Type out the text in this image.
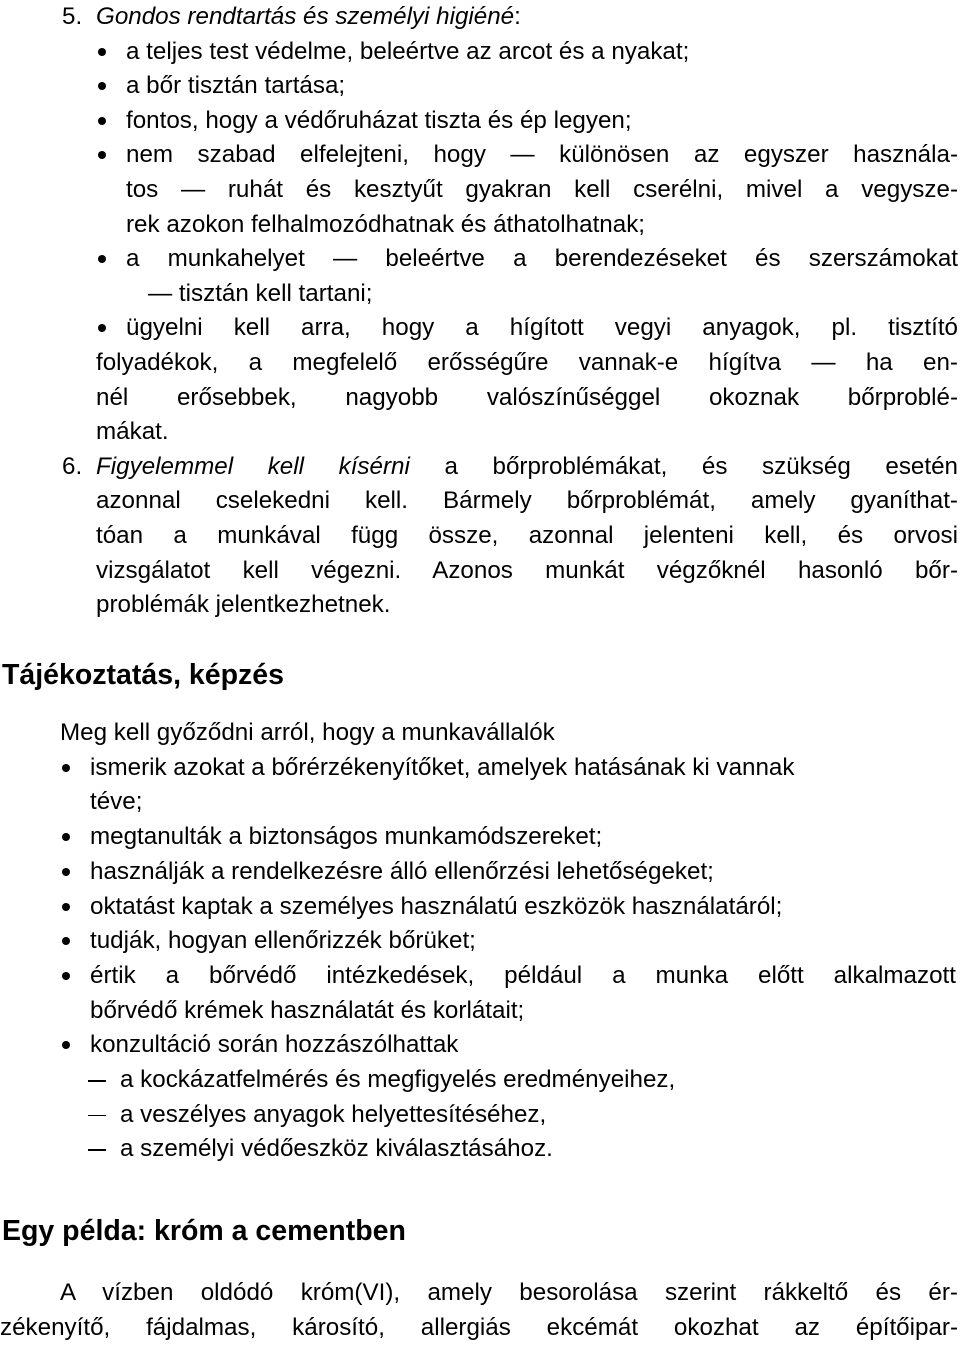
5. Gondos rendtartás és személyi higiéné:
a teljes test védelme, beleértve az arcot és a nyakat;
a bőr tisztán tartása;
fontos, hogy a védőruházat tiszta és ép legyen;
nem szabad elfelejteni, hogy — különösen az egyszer használa-
tos — ruhát és kesztyűt gyakran kell cserélni, mivel a vegysze-
rek azokon felhalmozódhatnak és áthatolhatnak;
a munkahelyet — beleértve a berendezéseket és szerszámokat
— tisztán kell tartani;
ügyelni kell arra, hogy a hígított vegyi anyagok, pl. tisztító
folyadékok, a megfelelő erősségűre vannak-e hígítva — ha en-
nél erősebbek, nagyobb valószínűséggel okoznak bőrproblé-
mákat.
6. Figyelemmel kell kísérni a bőrproblémákat, és szükség esetén
azonnal cselekedni kell. Bármely bőrproblémát, amely gyaníthat-
tóan a munkával függ össze, azonnal jelenteni kell, és orvosi
vizsgálatot kell végezni. Azonos munkát végzőknél hasonló bőr-
problémák jelentkezhetnek.
Tájékoztatás, képzés
Meg kell győződni arról, hogy a munkavállalók
ismerik azokat a bőrérzékenyítőket, amelyek hatásának ki vannak
téve;
megtanulták a biztonságos munkamódszereket;
használják a rendelkezésre álló ellenőrzési lehetőségeket;
oktatást kaptak a személyes használatú eszközök használatáról;
tudják, hogyan ellenőrizzék bőrüket;
értik a bőrvédő intézkedések, például a munka előtt alkalmazott
bőrvédő krémek használatát és korlátait;
konzultáció során hozzászólhattak
a kockázatfelmérés és megfigyelés eredményeihez,
a veszélyes anyagok helyettesítéséhez,
a személyi védőeszköz kiválasztásához.
Egy példa: króm a cementben
A vízben oldódó króm(VI), amely besorolása szerint rákkeltő és ér-
zékenyítő, fájdalmas, károsító, allergiás ekcémát okozhat az építőipar-
